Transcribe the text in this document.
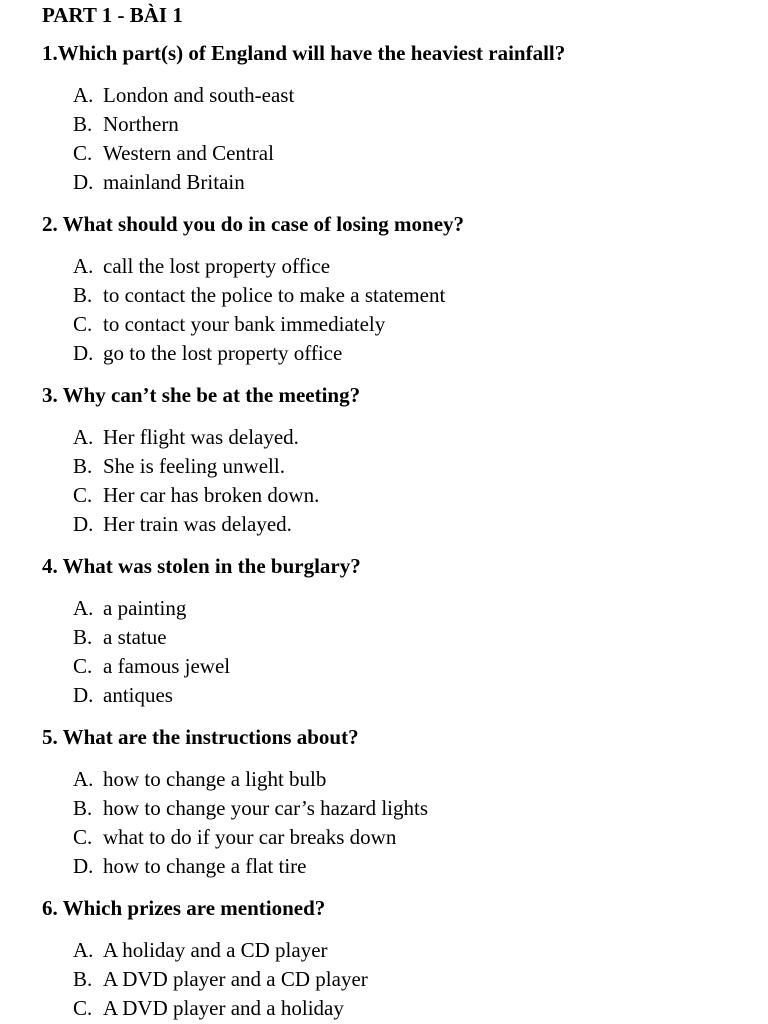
PART 1 - BÀI 1
1.Which part(s) of England will have the heaviest rainfall?
A. London and south-east
B. Northern
C. Western and Central
D. mainland Britain
2. What should you do in case of losing money?
A. call the lost property office
B. to contact the police to make a statement
C. to contact your bank immediately
D. go to the lost property office
3. Why can’t she be at the meeting?
A. Her flight was delayed.
B. She is feeling unwell.
C. Her car has broken down.
D. Her train was delayed.
4. What was stolen in the burglary?
A. a painting
B. a statue
C. a famous jewel
D. antiques
5. What are the instructions about?
A. how to change a light bulb
B. how to change your car’s hazard lights
C. what to do if your car breaks down
D. how to change a flat tire
6. Which prizes are mentioned?
A. A holiday and a CD player
B. A DVD player and a CD player
C. A DVD player and a holiday
